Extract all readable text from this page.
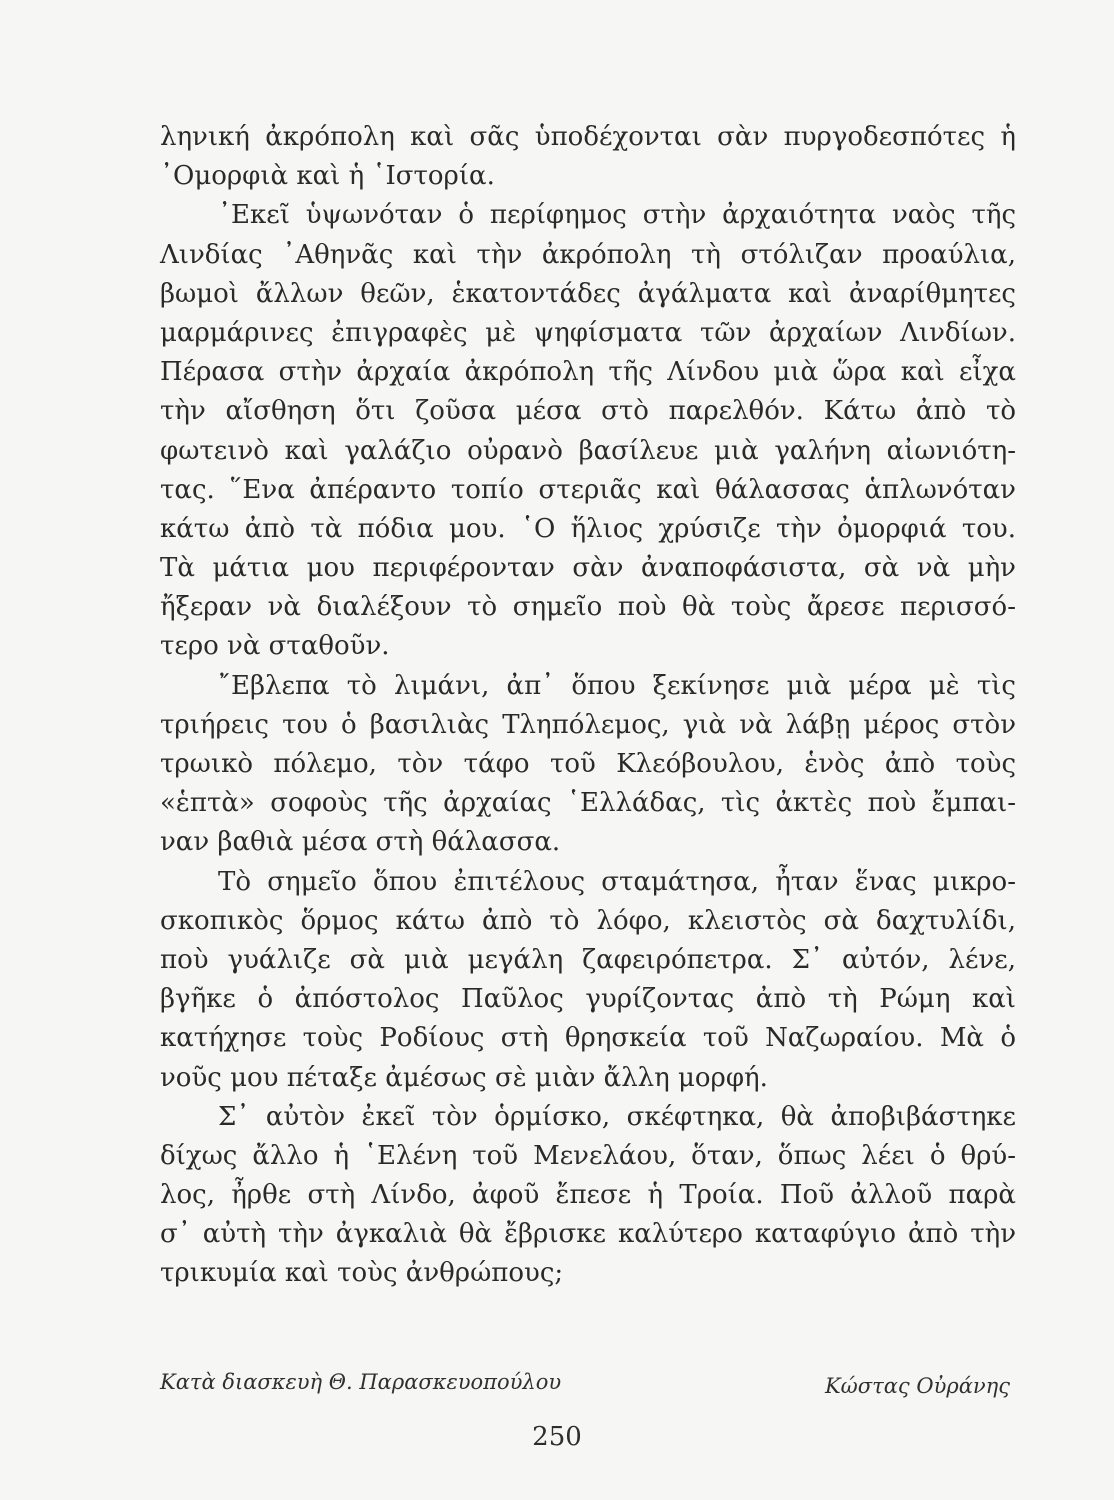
ληνική ἀκρόπολη καὶ σᾶς ὑποδέχονται σὰν πυργοδεσπότες ἡ
᾿Ομορφιὰ καὶ ἡ ῾Ιστορία.
᾿Εκεῖ ὑψωνόταν ὁ περίφημος στὴν ἀρχαιότητα ναὸς τῆς
Λινδίας ᾿Αθηνᾶς καὶ τὴν ἀκρόπολη τὴ στόλιζαν προαύλια,
βωμοὶ ἄλλων θεῶν, ἑκατοντάδες ἀγάλματα καὶ ἀναρίθμητες
μαρμάρινες ἐπιγραφὲς μὲ ψηφίσματα τῶν ἀρχαίων Λινδίων.
Πέρασα στὴν ἀρχαία ἀκρόπολη τῆς Λίνδου μιὰ ὥρα καὶ εἶχα
τὴν αἴσθηση ὅτι ζοῦσα μέσα στὸ παρελθόν. Κάτω ἀπὸ τὸ
φωτεινὸ καὶ γαλάζιο οὐρανὸ βασίλευε μιὰ γαλήνη αἰωνιότη-
τας. ῞Ενα ἀπέραντο τοπίο στεριᾶς καὶ θάλασσας ἁπλωνόταν
κάτω ἀπὸ τὰ πόδια μου. ῾Ο ἥλιος χρύσιζε τὴν ὀμορφιά του.
Τὰ μάτια μου περιφέρονταν σὰν ἀναποφάσιστα, σὰ νὰ μὴν
ἤξεραν νὰ διαλέξουν τὸ σημεῖο ποὺ θὰ τοὺς ἄρεσε περισσό-
τερο νὰ σταθοῦν.
῎Εβλεπα τὸ λιμάνι, ἀπ᾿ ὅπου ξεκίνησε μιὰ μέρα μὲ τὶς
τριήρεις του ὁ βασιλιὰς Τληπόλεμος, γιὰ νὰ λάβῃ μέρος στὸν
τρωικὸ πόλεμο, τὸν τάφο τοῦ Κλεόβουλου, ἑνὸς ἀπὸ τοὺς
«ἑπτὰ» σοφοὺς τῆς ἀρχαίας ῾Ελλάδας, τὶς ἀκτὲς ποὺ ἔμπαι-
ναν βαθιὰ μέσα στὴ θάλασσα.
Τὸ σημεῖο ὅπου ἐπιτέλους σταμάτησα, ἦταν ἕνας μικρο-
σκοπικὸς ὅρμος κάτω ἀπὸ τὸ λόφο, κλειστὸς σὰ δαχτυλίδι,
ποὺ γυάλιζε σὰ μιὰ μεγάλη ζαφειρόπετρα. Σ᾿ αὐτόν, λένε,
βγῆκε ὁ ἀπόστολος Παῦλος γυρίζοντας ἀπὸ τὴ Ρώμη καὶ
κατήχησε τοὺς Ροδίους στὴ θρησκεία τοῦ Ναζωραίου. Μὰ ὁ
νοῦς μου πέταξε ἀμέσως σὲ μιὰν ἄλλη μορφή.
Σ᾿ αὐτὸν ἐκεῖ τὸν ὁρμίσκο, σκέφτηκα, θὰ ἀποβιβάστηκε
δίχως ἄλλο ἡ ῾Ελένη τοῦ Μενελάου, ὅταν, ὅπως λέει ὁ θρύ-
λος, ἦρθε στὴ Λίνδο, ἀφοῦ ἔπεσε ἡ Τροία. Ποῦ ἀλλοῦ παρὰ
σ᾿ αὐτὴ τὴν ἀγκαλιὰ θὰ ἔβρισκε καλύτερο καταφύγιο ἀπὸ τὴν
τρικυμία καὶ τοὺς ἀνθρώπους;
Κατὰ διασκευὴ Θ. Παρασκευοπούλου	Κώστας Οὐράνης
250
